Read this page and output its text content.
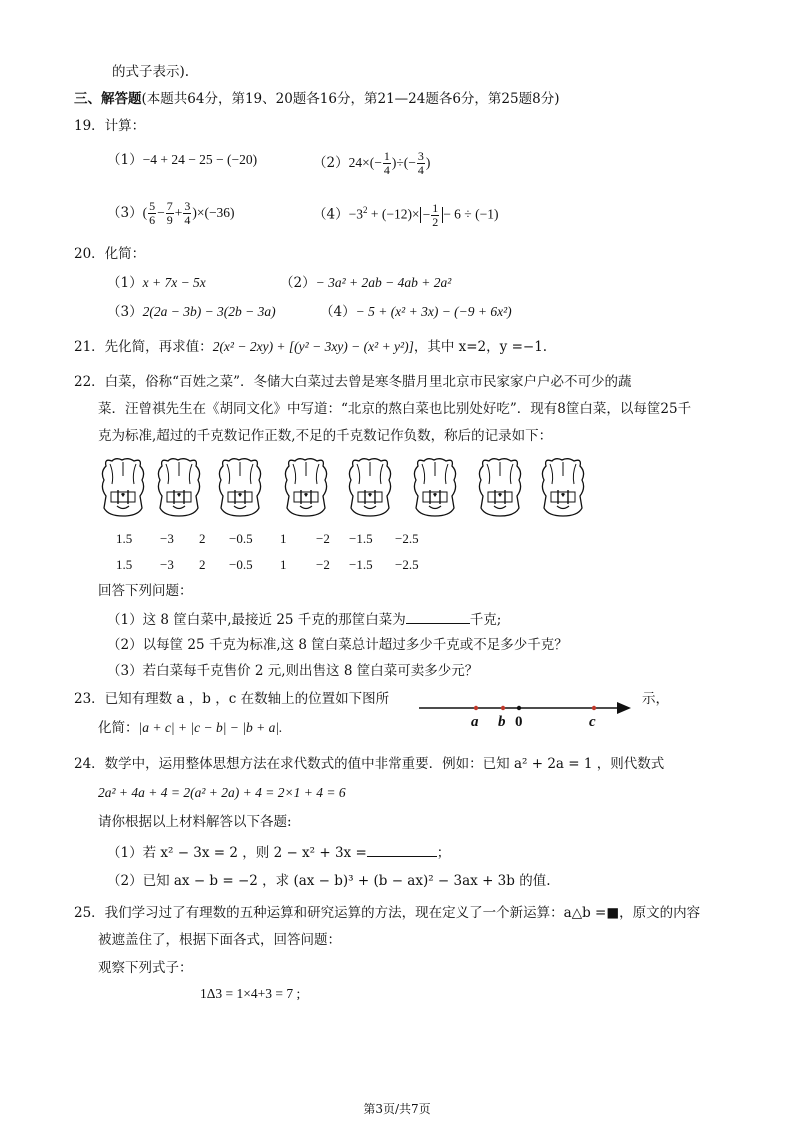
的式子表示).
三、解答题(本题共64分，第19、20题各16分，第21—24题各6分，第25题8分)
19．计算：
（1）−4 + 24 − 25 − (−20)	$(2)24\times(- \frac{1}{4}$ )÷(− $\frac{3}{4}$ )
$(3)( \frac{5}{6} - \frac{7}{9} + \frac{3}{4} )\times(-36)$	$(4)-3^2 + (-12)\times - \frac{1}{2} - 6 \div (-1)$
20．化简：
（1）x + 7x − 5x	（2）− 3a² + 2ab − 4ab + 2a²
（3）2(2a − 3b) − 3(2b − 3a)	（4）− 5 + (x² + 3x) − (−9 + 6x²)
21．先化简，再求值：2(x² − 2xy) + [(y² − 3xy) − (x² + y²)]，其中 x=2，y =−1.
22．白菜，俗称“百姓之菜”．冬储大白菜过去曾是寒冬腊月里北京市民家家户户必不可少的蔬
菜．汪曾祺先生在《胡同文化》中写道：“北京的熬白菜也比别处好吃”．现有8筐白菜，以每筐25千
克为标准,超过的千克数记作正数,不足的千克数记作负数，称后的记录如下：
1.5 −3 2 −0.5 1 −2 −1.5 −2.5
1.5 −3 2 −0.5 1 −2 −1.5 −2.5
回答下列问题：
（1）这 8 筐白菜中,最接近 25 千克的那筐白菜为	千克;
（2）以每筐 25 千克为标准,这 8 筐白菜总计超过多少千克或不足多少千克？
（3）若白菜每千克售价 2 元,则出售这 8 筐白菜可卖多少元？
23．已知有理数 a ，b ，c 在数轴上的位置如下图所	示，
化简：|a + c| + |c − b| − |b + a|.	a b 0	c
24．数学中，运用整体思想方法在求代数式的值中非常重要．例如：已知 a² + 2a = 1 ，则代数式
2a² + 4a + 4 = 2(a² + 2a) + 4 = 2×1 + 4 = 6
请你根据以上材料解答以下各题:
（1）若 x² − 3x = 2 ，则 2 − x² + 3x =	；
（2）已知 ax − b = −2 ，求 (ax − b)³ + (b − ax)² − 3ax + 3b 的值.
25．我们学习过了有理数的五种运算和研究运算的方法，现在定义了一个新运算：a△b =■，原文的内容
被遮盖住了，根据下面各式，回答问题：
观察下列式子：
1Δ3 = 1×4+3 = 7 ;
第3页/共7页
